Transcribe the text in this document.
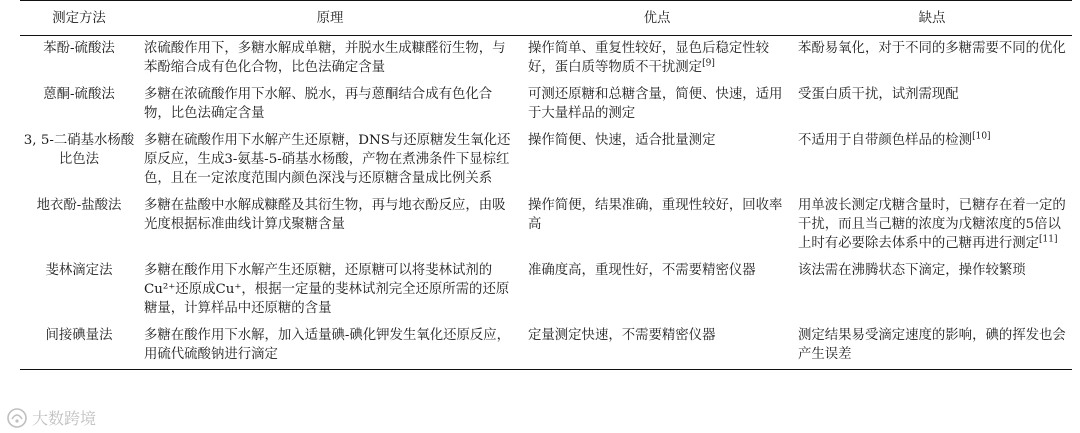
测定方法	原理	优点	缺点
苯酚-硫酸法	浓硫酸作用下，多糖水解成单糖，并脱水生成糠醛衍生物，与苯酚缩合成有色化合物，比色法确定含量	操作简单、重复性较好，显色后稳定性较好，蛋白质等物质不干扰测定[9]	苯酚易氧化，对于不同的多糖需要不同的优化
蒽酮-硫酸法	多糖在浓硫酸作用下水解、脱水，再与蒽酮结合成有色化合物，比色法确定含量	可测还原糖和总糖含量，简便、快速，适用于大量样品的测定	受蛋白质干扰，试剂需现配
3, 5-二硝基水杨酸比色法	多糖在硫酸作用下水解产生还原糖，DNS与还原糖发生氧化还原反应，生成3-氨基-5-硝基水杨酸，产物在煮沸条件下显棕红色，且在一定浓度范围内颜色深浅与还原糖含量成比例关系	操作简便、快速，适合批量测定	不适用于自带颜色样品的检测[10]
地衣酚-盐酸法	多糖在盐酸中水解成糠醛及其衍生物，再与地衣酚反应，由吸光度根据标准曲线计算戊聚糖含量	操作简便，结果准确，重现性较好，回收率高	用单波长测定戊糖含量时，已糖存在着一定的干扰，而且当己糖的浓度为戊糖浓度的5倍以上时有必要除去体系中的己糖再进行测定[11]
斐林滴定法	多糖在酸作用下水解产生还原糖，还原糖可以将斐林试剂的Cu²⁺还原成Cu⁺，根据一定量的斐林试剂完全还原所需的还原糖量，计算样品中还原糖的含量	准确度高，重现性好，不需要精密仪器	该法需在沸腾状态下滴定，操作较繁琐
间接碘量法	多糖在酸作用下水解，加入适量碘-碘化钾发生氧化还原反应，用硫代硫酸钠进行滴定	定量测定快速，不需要精密仪器	测定结果易受滴定速度的影响，碘的挥发也会产生误差
大数跨境
